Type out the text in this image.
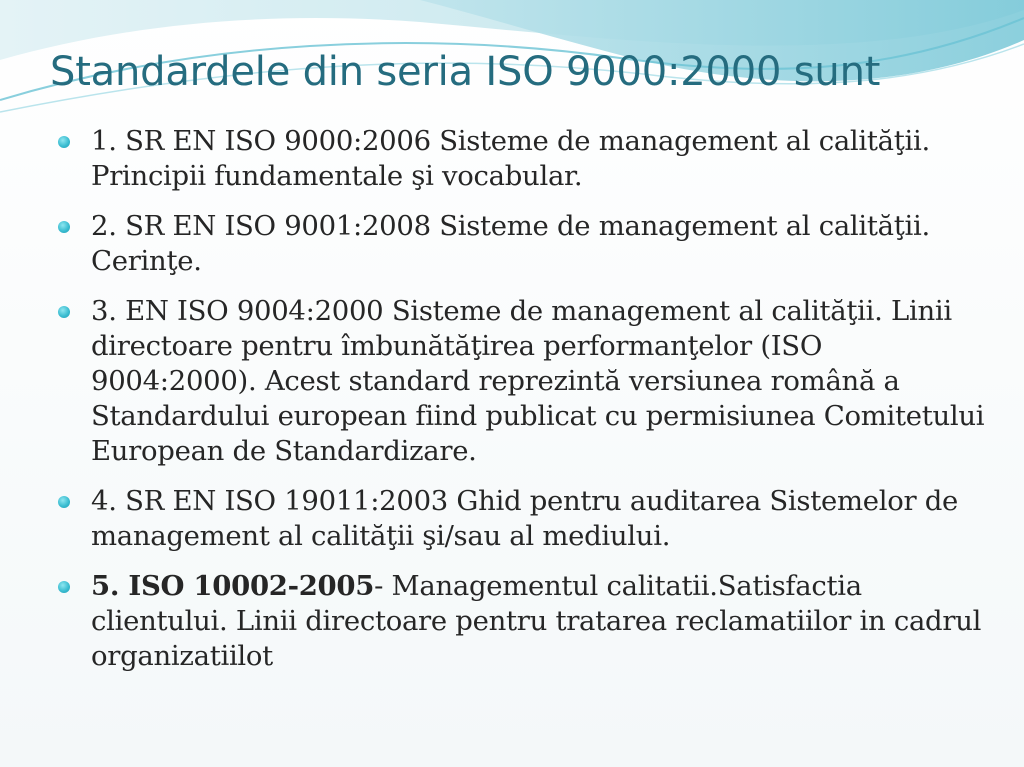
Standardele din seria ISO 9000:2000 sunt
1. SR EN ISO 9000:2006 Sisteme de management al calităţii. Principii fundamentale şi vocabular.
2. SR EN ISO 9001:2008 Sisteme de management al calităţii. Cerinţe.
3. EN ISO 9004:2000 Sisteme de management al calităţii. Linii directoare pentru îmbunătăţirea performanţelor (ISO 9004:2000). Acest standard reprezintă versiunea română a Standardului european fiind publicat cu permisiunea Comitetului European de Standardizare.
4. SR EN ISO 19011:2003 Ghid pentru auditarea Sistemelor de management al calităţii şi/sau al mediului.
5. ISO 10002-2005- Managementul calitatii.Satisfactia clientului. Linii directoare pentru tratarea reclamatiilor in cadrul organizatiilot
